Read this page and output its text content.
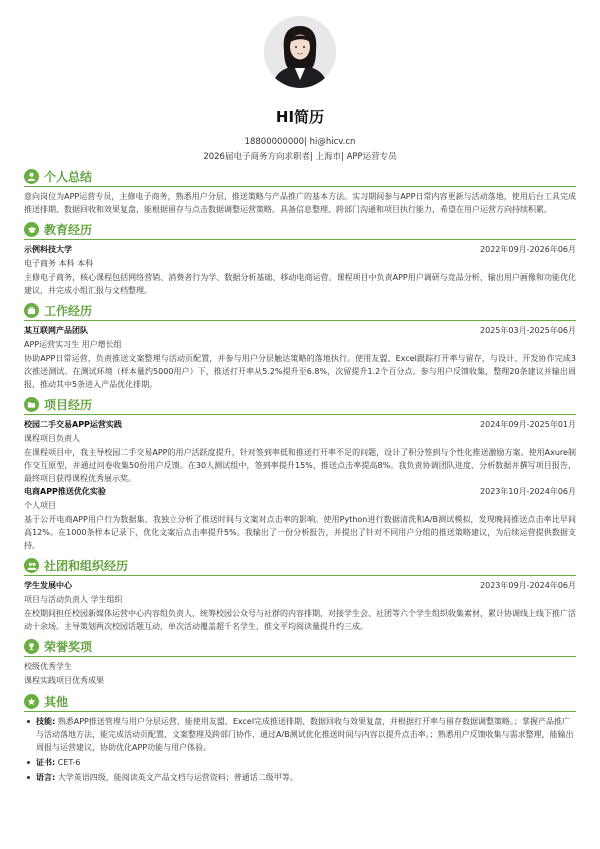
HI简历
18800000000| hi@hicv.cn
2026届电子商务方向求职者| 上海市| APP运营专员
个人总结
意向岗位为APP运营专员，主修电子商务，熟悉用户分层、推送策略与产品推广的基本方法。实习期间参与APP日常内容更新与活动落地，使用后台工具完成推送排期、数据回收和效果复盘，能根据留存与点击数据调整运营策略。具备信息整理、跨部门沟通和项目执行能力，希望在用户运营方向持续积累。
教育经历
示例科技大学	2022年09月-2026年06月
电子商务 本科 本科
主修电子商务，核心课程包括网络营销、消费者行为学、数据分析基础、移动电商运营。课程项目中负责APP用户调研与竞品分析，输出用户画像和功能优化建议，并完成小组汇报与文档整理。
工作经历
某互联网产品团队	2025年03月-2025年06月
APP运营实习生 用户增长组
协助APP日常运营，负责推送文案整理与活动页配置，并参与用户分层触达策略的落地执行。使用友盟、Excel跟踪打开率与留存，与设计、开发协作完成3次推送测试。在测试环境（样本量约5000用户）下，推送打开率从5.2%提升至6.8%，次留提升1.2个百分点。参与用户反馈收集，整理20条建议并输出周报，推动其中5条进入产品优化排期。
项目经历
校园二手交易APP运营实践	2024年09月-2025年01月
课程项目负责人
在课程项目中，我主导校园二手交易APP的用户活跃度提升，针对签到率低和推送打开率不足的问题，设计了积分签到与个性化推送激励方案。使用Axure制作交互原型，并通过问卷收集50份用户反馈。在30人测试组中，签到率提升15%，推送点击率提高8%。我负责协调团队进度、分析数据并撰写项目报告，最终项目获得课程优秀展示奖。
电商APP推送优化实验	2023年10月-2024年06月
个人项目
基于公开电商APP用户行为数据集，我独立分析了推送时间与文案对点击率的影响。使用Python进行数据清洗和A/B测试模拟，发现晚间推送点击率比早间高12%。在1000条样本记录下，优化文案后点击率提升5%。我输出了一份分析报告，并提出了针对不同用户分组的推送策略建议，为后续运营提供数据支持。
社团和组织经历
学生发展中心	2023年09月-2024年06月
项目与活动负责人 学生组织
在校期间担任校园新媒体运营中心内容组负责人，统筹校园公众号与社群的内容排期，对接学生会、社团等六个学生组织收集素材，累计协调线上线下推广活动十余场。主导策划两次校园话题互动，单次活动覆盖超千名学生，推文平均阅读量提升约三成。
荣誉奖项
校级优秀学生
课程实践项目优秀成果
其他
技能: 熟悉APP推送管理与用户分层运营，能使用友盟、Excel完成推送排期、数据回收与效果复盘，并根据打开率与留存数据调整策略。；掌握产品推广与活动落地方法，能完成活动页配置、文案整理及跨部门协作，通过A/B测试优化推送时间与内容以提升点击率。；熟悉用户反馈收集与需求整理，能输出周报与运营建议，协助优化APP功能与用户体验。
证书: CET-6
语言: 大学英语四级，能阅读英文产品文档与运营资料；普通话二级甲等。
